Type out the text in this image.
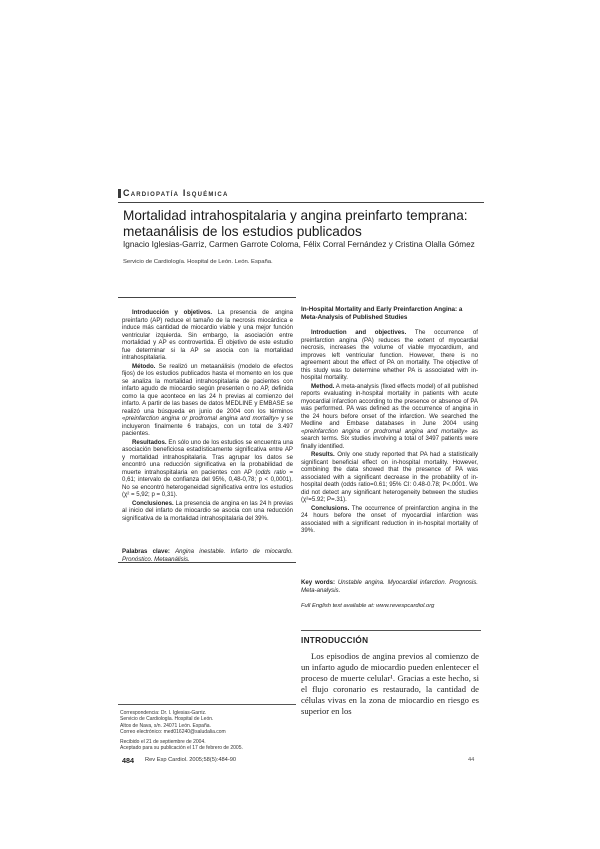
Cardiopatía Isquémica
Mortalidad intrahospitalaria y angina preinfarto temprana:
metaanálisis de los estudios publicados
Ignacio Iglesias-Garriz, Carmen Garrote Coloma, Félix Corral Fernández y Cristina Olalla Gómez
Servicio de Cardiología. Hospital de León. León. España.

Introducción y objetivos. La presencia de angina preinfarto (AP) reduce el tamaño de la necrosis miocárdica e induce más cantidad de miocardio viable y una mejor función ventricular izquierda. Sin embargo, la asociación entre mortalidad y AP es controvertida. El objetivo de este estudio fue determinar si la AP se asocia con la mortalidad intrahospitalaria.

Método. Se realizó un metaanálisis (modelo de efectos fijos) de los estudios publicados hasta el momento en los que se analiza la mortalidad intrahospitalaria de pacientes con infarto agudo de miocardio según presenten o no AP, definida como la que acontece en las 24 h previas al comienzo del infarto. A partir de las bases de datos MEDLINE y EMBASE se realizó una búsqueda en junio de 2004 con los términos «preinfarction angina or prodromal angina and mortality» y se incluyeron finalmente 6 trabajos, con un total de 3.497 pacientes.

Resultados. En sólo uno de los estudios se encuentra una asociación beneficiosa estadísticamente significativa entre AP y mortalidad intrahospitalaria. Tras agrupar los datos se encontró una reducción significativa en la probabilidad de muerte intrahospitalaria en pacientes con AP (odds ratio = 0,61; intervalo de confianza del 95%, 0,48-0,78; p < 0,0001). No se encontró heterogeneidad significativa entre los estudios (χ² = 5,92; p = 0,31).

Conclusiones. La presencia de angina en las 24 h previas al inicio del infarto de miocardio se asocia con una reducción significativa de la mortalidad intrahospitalaria del 39%.

Palabras clave: Angina inestable. Infarto de miocardio. Pronóstico. Metaanálisis.

In-Hospital Mortality and Early Preinfarction Angina: a Meta-Analysis of Published Studies

Introduction and objectives. The occurrence of preinfarction angina (PA) reduces the extent of myocardial necrosis, increases the volume of viable myocardium, and improves left ventricular function. However, there is no agreement about the effect of PA on mortality. The objective of this study was to determine whether PA is associated with in-hospital mortality.

Method. A meta-analysis (fixed effects model) of all published reports evaluating in-hospital mortality in patients with acute myocardial infarction according to the presence or absence of PA was performed. PA was defined as the occurrence of angina in the 24 hours before onset of the infarction. We searched the Medline and Embase databases in June 2004 using «preinfarction angina or prodromal angina and mortality» as search terms. Six studies involving a total of 3497 patients were finally identified.

Results. Only one study reported that PA had a statistically significant beneficial effect on in-hospital mortality. However, combining the data showed that the presence of PA was associated with a significant decrease in the probability of in-hospital death (odds ratio=0.61; 95% CI: 0.48-0.78; P<.0001. We did not detect any significant heterogeneity between the studies (χ²=5.92; P=.31).

Conclusions. The occurrence of preinfarction angina in the 24 hours before the onset of myocardial infarction was associated with a significant reduction in in-hospital mortality of 39%.

Key words: Unstable angina. Myocardial infarction. Prognosis. Meta-analysis.

Full English text available at: www.revespcardiol.org
INTRODUCCIÓN
Los episodios de angina previos al comienzo de un infarto agudo de miocardio pueden enlentecer el proceso de muerte celular¹. Gracias a este hecho, si el flujo coronario es restaurado, la cantidad de células vivas en la zona de miocardio en riesgo es superior en los
Correspondencia: Dr. I. Iglesias-Garriz.
Servicio de Cardiología. Hospital de León.
Altos de Nava, s/n. 24071 León. España.
Correo electrónico: med016240@saludalia.com
Recibido el 21 de septiembre de 2004.
Aceptado para su publicación el 17 de febrero de 2005.
484 Rev Esp Cardiol. 2005;58(5):484-90	44
